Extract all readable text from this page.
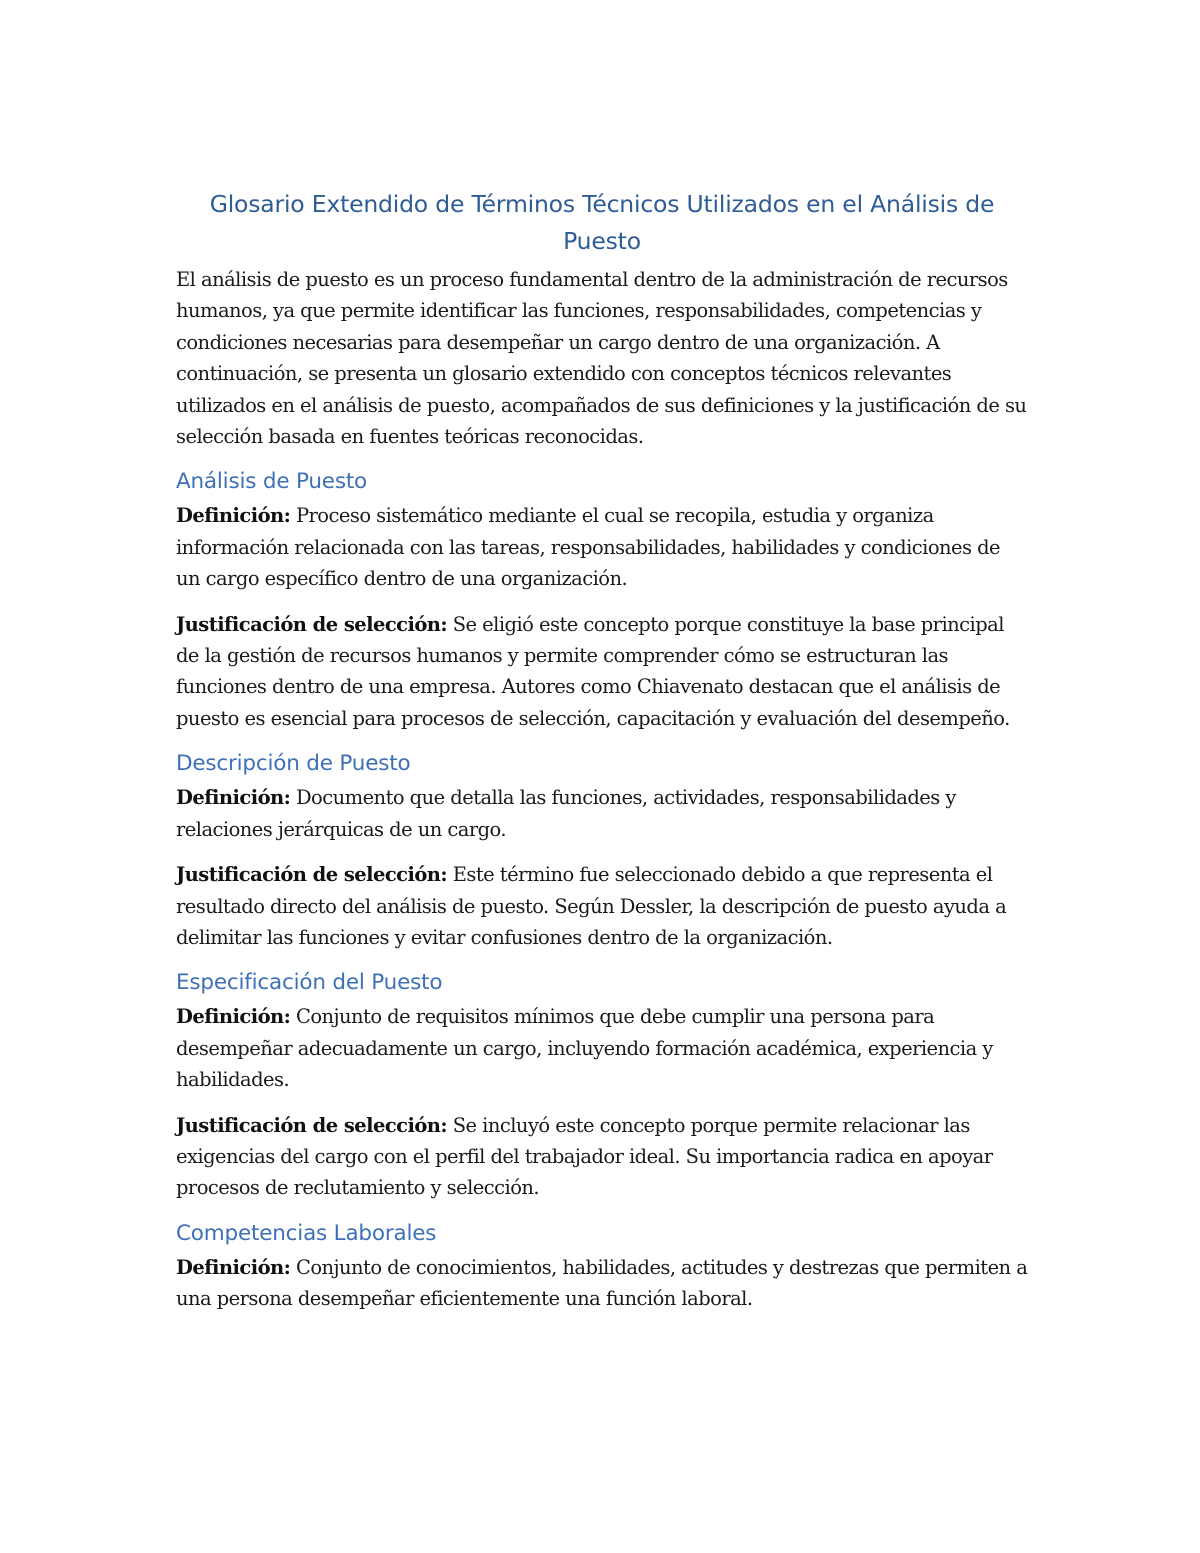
Glosario Extendido de Términos Técnicos Utilizados en el Análisis de Puesto

El análisis de puesto es un proceso fundamental dentro de la administración de recursos humanos, ya que permite identificar las funciones, responsabilidades, competencias y condiciones necesarias para desempeñar un cargo dentro de una organización. A continuación, se presenta un glosario extendido con conceptos técnicos relevantes utilizados en el análisis de puesto, acompañados de sus definiciones y la justificación de su selección basada en fuentes teóricas reconocidas.

Análisis de Puesto

Definición: Proceso sistemático mediante el cual se recopila, estudia y organiza información relacionada con las tareas, responsabilidades, habilidades y condiciones de un cargo específico dentro de una organización.

Justificación de selección: Se eligió este concepto porque constituye la base principal de la gestión de recursos humanos y permite comprender cómo se estructuran las funciones dentro de una empresa. Autores como Chiavenato destacan que el análisis de puesto es esencial para procesos de selección, capacitación y evaluación del desempeño.

Descripción de Puesto

Definición: Documento que detalla las funciones, actividades, responsabilidades y relaciones jerárquicas de un cargo.

Justificación de selección: Este término fue seleccionado debido a que representa el resultado directo del análisis de puesto. Según Dessler, la descripción de puesto ayuda a delimitar las funciones y evitar confusiones dentro de la organización.

Especificación del Puesto

Definición: Conjunto de requisitos mínimos que debe cumplir una persona para desempeñar adecuadamente un cargo, incluyendo formación académica, experiencia y habilidades.

Justificación de selección: Se incluyó este concepto porque permite relacionar las exigencias del cargo con el perfil del trabajador ideal. Su importancia radica en apoyar procesos de reclutamiento y selección.

Competencias Laborales

Definición: Conjunto de conocimientos, habilidades, actitudes y destrezas que permiten a una persona desempeñar eficientemente una función laboral.
